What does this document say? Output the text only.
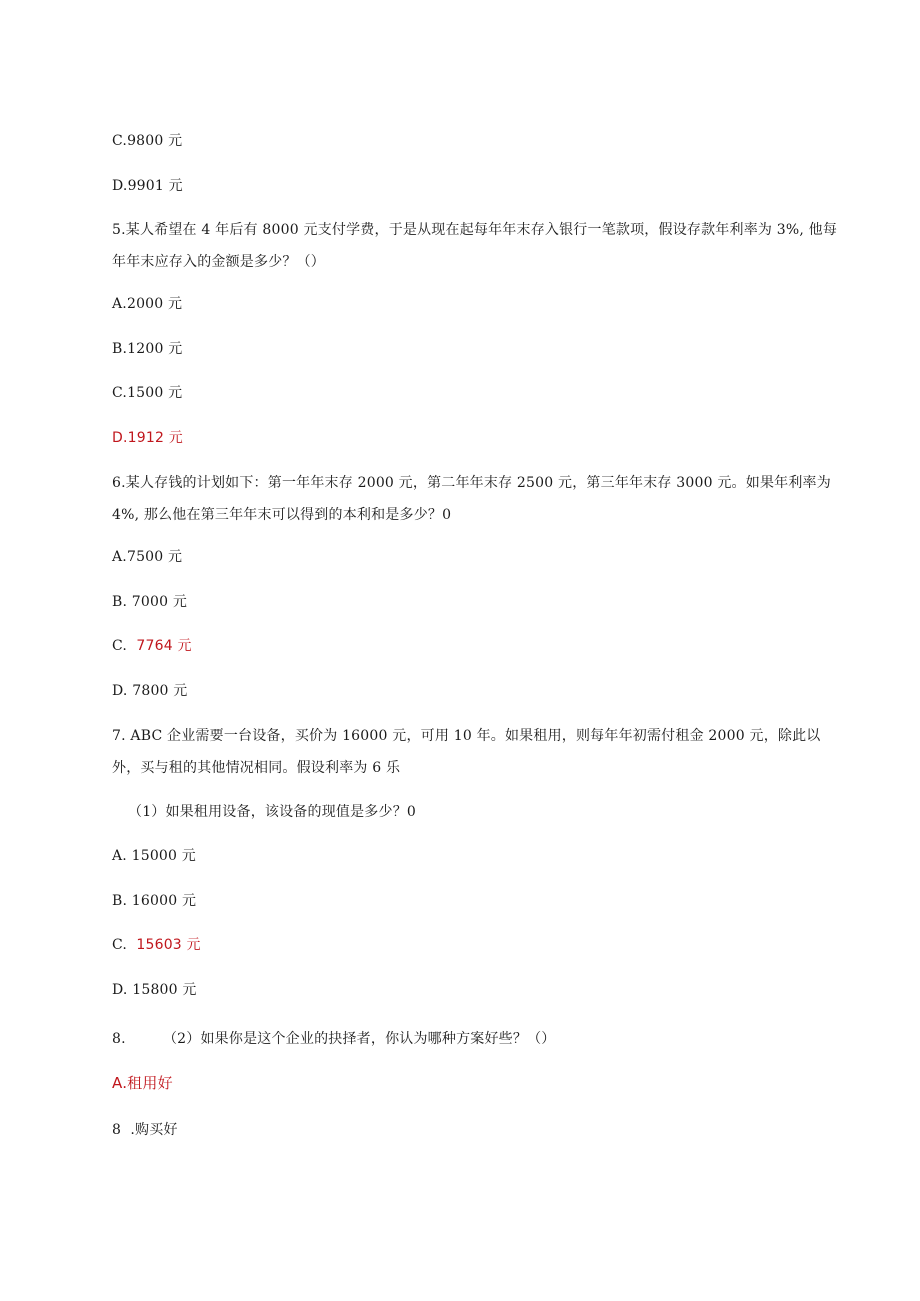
C.9800 元
D.9901 元
5.某人希望在 4 年后有 8000 元支付学费，于是从现在起每年年末存入银行一笔款项，假设存款年利率为 3%, 他每年年末应存入的金额是多少？（）
A.2000 元
B.1200 元
C.1500 元
D.1912 元
6.某人存钱的计划如下：第一年年末存 2000 元，第二年年末存 2500 元，第三年年末存 3000 元。如果年利率为 4%, 那么他在第三年年末可以得到的本利和是多少？0
A.7500 元
B. 7000 元
C.  7764 元
D. 7800 元
7. ABC 企业需要一台设备，买价为 16000 元，可用 10 年。如果租用，则每年年初需付租金 2000 元，除此以外，买与租的其他情况相同。假设利率为 6 乐
（1）如果租用设备，该设备的现值是多少？0
A. 15000 元
B. 16000 元
C.  15603 元
D. 15800 元
8.        （2）如果你是这个企业的抉择者，你认为哪种方案好些？（）
A.租用好
8  .购买好
